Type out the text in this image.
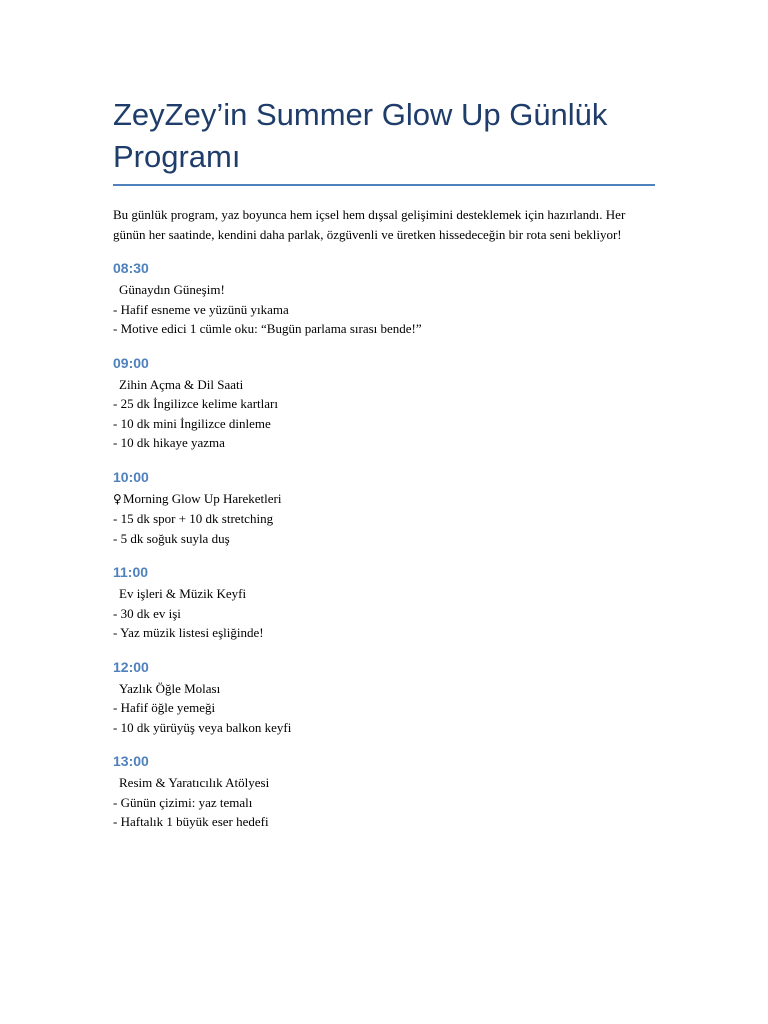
ZeyZey’in Summer Glow Up Günlük Programı

Bu günlük program, yaz boyunca hem içsel hem dışsal gelişimini desteklemek için hazırlandı. Her günün her saatinde, kendini daha parlak, özgüvenli ve üretken hissedeceğin bir rota seni bekliyor!

08:30
Günaydın Güneşim!
- Hafif esneme ve yüzünü yıkama
- Motive edici 1 cümle oku: “Bugün parlama sırası bende!”
09:00
Zihin Açma & Dil Saati
- 25 dk İngilizce kelime kartları
- 10 dk mini İngilizce dinleme
- 10 dk hikaye yazma
10:00
♀Morning Glow Up Hareketleri
- 15 dk spor + 10 dk stretching
- 5 dk soğuk suyla duş
11:00
Ev işleri & Müzik Keyfi
- 30 dk ev işi
- Yaz müzik listesi eşliğinde!
12:00
Yazlık Öğle Molası
- Hafif öğle yemeği
- 10 dk yürüyüş veya balkon keyfi
13:00
Resim & Yaratıcılık Atölyesi
- Günün çizimi: yaz temalı
- Haftalık 1 büyük eser hedefi
